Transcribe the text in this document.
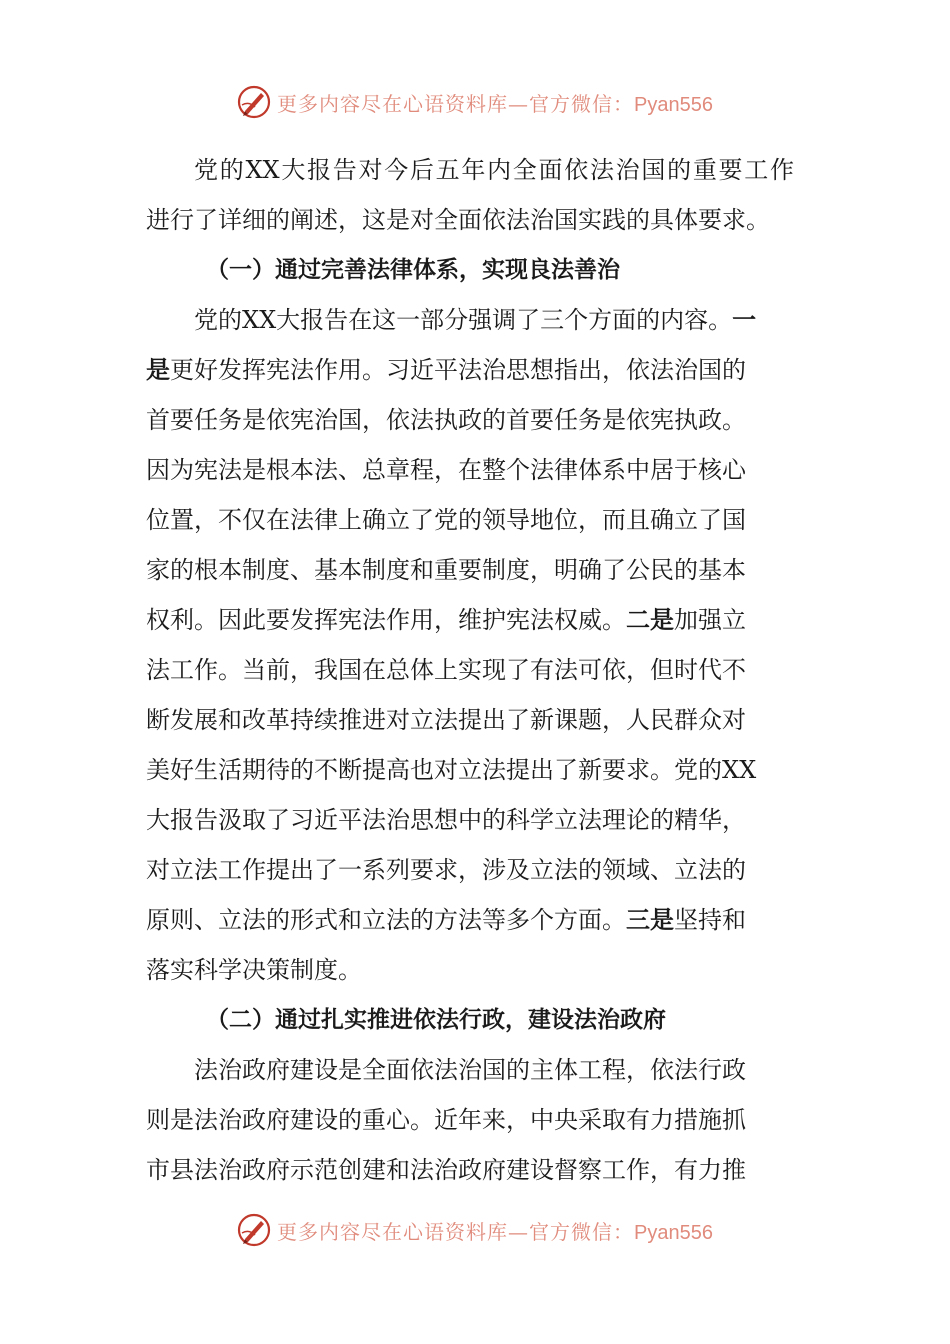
更多内容尽在心语资料库—官方微信：Pyan556
党的XX大报告对今后五年内全面依法治国的重要工作
进行了详细的阐述，这是对全面依法治国实践的具体要求。
（一）通过完善法律体系，实现良法善治
党的XX大报告在这一部分强调了三个方面的内容。一
是更好发挥宪法作用。习近平法治思想指出，依法治国的
首要任务是依宪治国，依法执政的首要任务是依宪执政。
因为宪法是根本法、总章程，在整个法律体系中居于核心
位置，不仅在法律上确立了党的领导地位，而且确立了国
家的根本制度、基本制度和重要制度，明确了公民的基本
权利。因此要发挥宪法作用，维护宪法权威。二是加强立
法工作。当前，我国在总体上实现了有法可依，但时代不
断发展和改革持续推进对立法提出了新课题，人民群众对
美好生活期待的不断提高也对立法提出了新要求。党的XX
大报告汲取了习近平法治思想中的科学立法理论的精华，
对立法工作提出了一系列要求，涉及立法的领域、立法的
原则、立法的形式和立法的方法等多个方面。三是坚持和
落实科学决策制度。
（二）通过扎实推进依法行政，建设法治政府
法治政府建设是全面依法治国的主体工程，依法行政
则是法治政府建设的重心。近年来，中央采取有力措施抓
市县法治政府示范创建和法治政府建设督察工作，有力推
更多内容尽在心语资料库—官方微信：Pyan556
